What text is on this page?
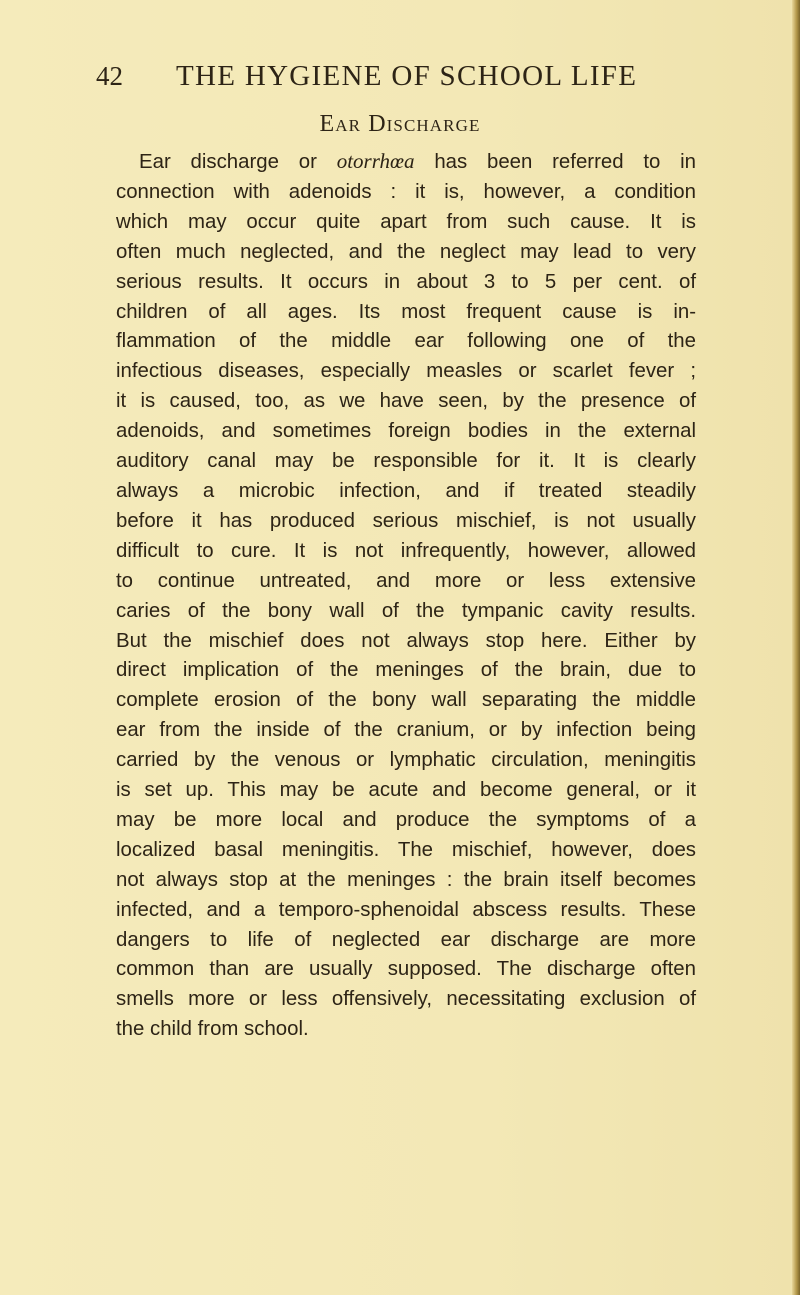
42 THE HYGIENE OF SCHOOL LIFE
Ear Discharge
Ear discharge or otorrhœa has been referred to in
connection with adenoids : it is, however, a condition
which may occur quite apart from such cause. It is
often much neglected, and the neglect may lead to very
serious results. It occurs in about 3 to 5 per cent. of
children of all ages. Its most frequent cause is in-
flammation of the middle ear following one of the
infectious diseases, especially measles or scarlet fever ;
it is caused, too, as we have seen, by the presence of
adenoids, and sometimes foreign bodies in the external
auditory canal may be responsible for it. It is clearly
always a microbic infection, and if treated steadily
before it has produced serious mischief, is not usually
difficult to cure. It is not infrequently, however, allowed
to continue untreated, and more or less extensive
caries of the bony wall of the tympanic cavity results.
But the mischief does not always stop here. Either by
direct implication of the meninges of the brain, due to
complete erosion of the bony wall separating the middle
ear from the inside of the cranium, or by infection being
carried by the venous or lymphatic circulation, meningitis
is set up. This may be acute and become general, or it
may be more local and produce the symptoms of a
localized basal meningitis. The mischief, however, does
not always stop at the meninges : the brain itself becomes
infected, and a temporo-sphenoidal abscess results. These
dangers to life of neglected ear discharge are more
common than are usually supposed. The discharge often
smells more or less offensively, necessitating exclusion of
the child from school.
